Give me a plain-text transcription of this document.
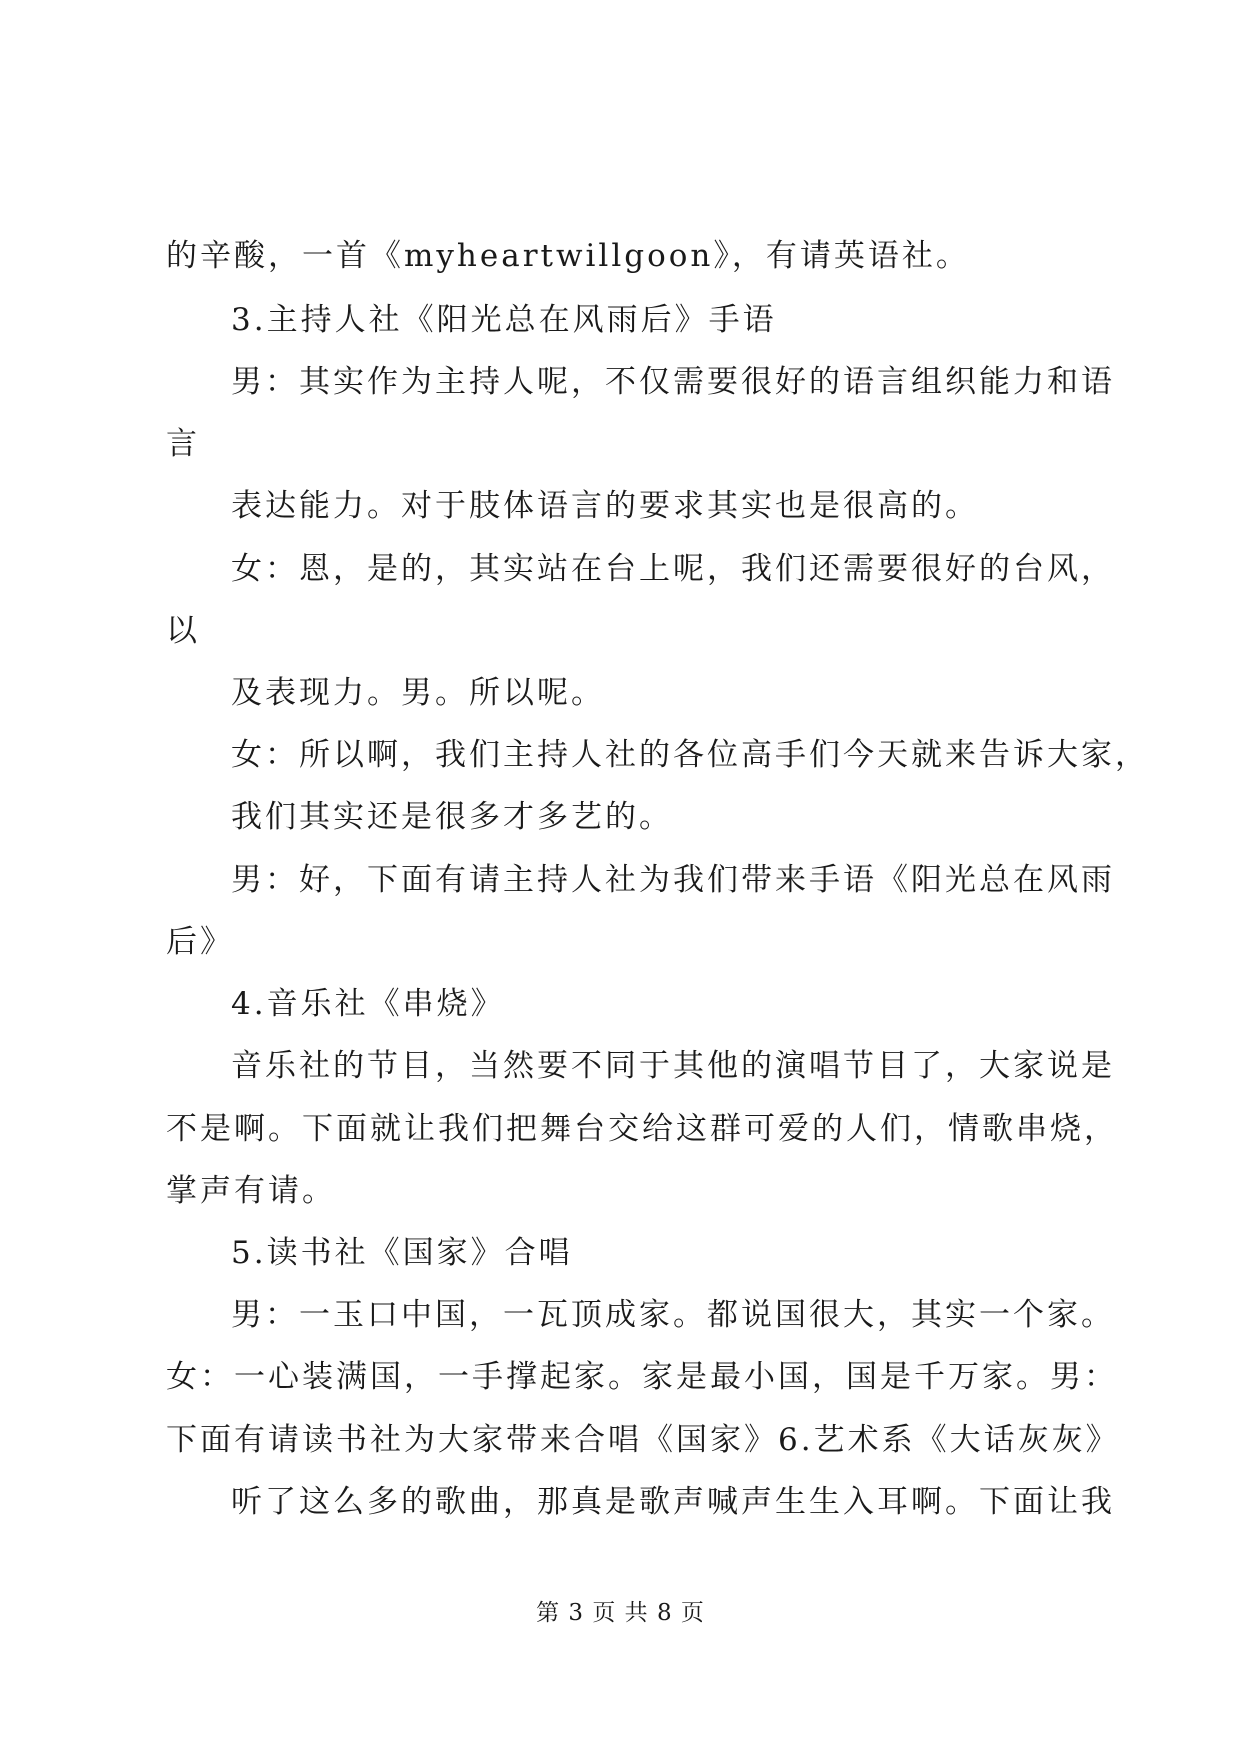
的辛酸，一首《myheartwillgoon》，有请英语社。
3.主持人社《阳光总在风雨后》手语
男：其实作为主持人呢，不仅需要很好的语言组织能力和语
言
表达能力。对于肢体语言的要求其实也是很高的。
女：恩，是的，其实站在台上呢，我们还需要很好的台风，
以
及表现力。男。所以呢。
女：所以啊，我们主持人社的各位高手们今天就来告诉大家，
我们其实还是很多才多艺的。
男：好，下面有请主持人社为我们带来手语《阳光总在风雨
后》
4.音乐社《串烧》
音乐社的节目，当然要不同于其他的演唱节目了，大家说是
不是啊。下面就让我们把舞台交给这群可爱的人们，情歌串烧，
掌声有请。
5.读书社《国家》合唱
男：一玉口中国，一瓦顶成家。都说国很大，其实一个家。
女：一心装满国，一手撑起家。家是最小国，国是千万家。男：
下面有请读书社为大家带来合唱《国家》6.艺术系《大话灰灰》
听了这么多的歌曲，那真是歌声喊声生生入耳啊。下面让我
第 3 页 共 8 页
